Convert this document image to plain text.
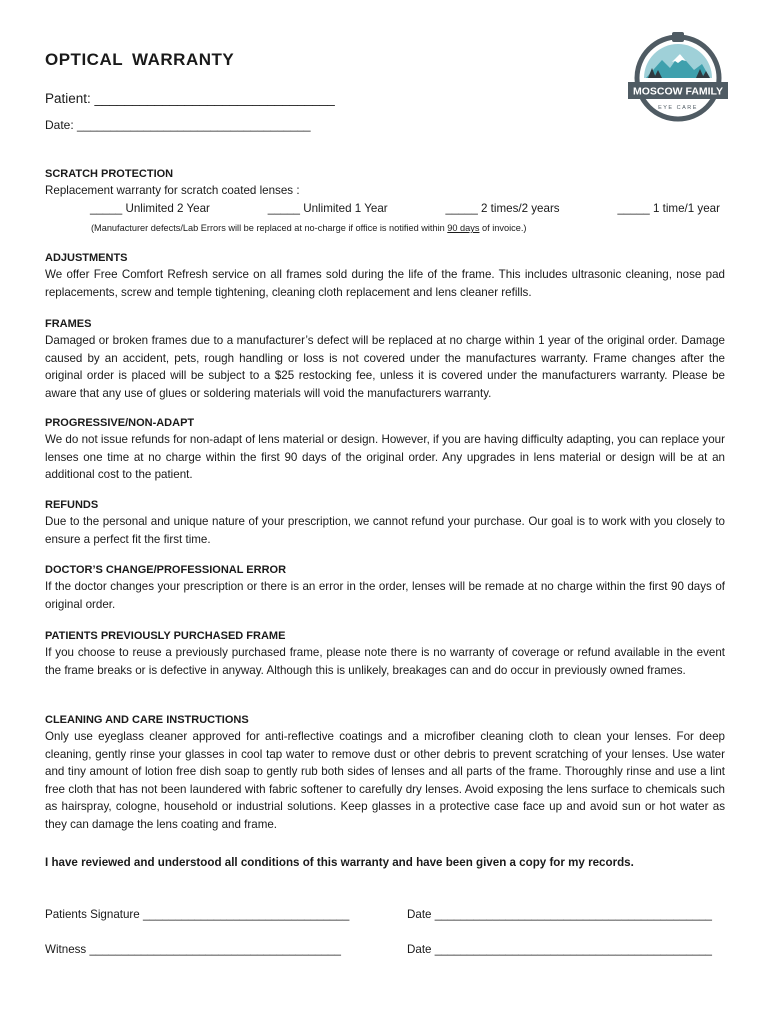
OPTICAL WARRANTY
Patient: ________________________________
Date: ___________________________________
MOSCOW FAMILY
EYE CARE
SCRATCH PROTECTION
Replacement warranty for scratch coated lenses :
_____ Unlimited 2 Year	_____ Unlimited 1 Year	_____ 2 times/2 years	_____ 1 time/1 year
(Manufacturer defects/Lab Errors will be replaced at no-charge if office is notified within 90 days of invoice.)
ADJUSTMENTS
We offer Free Comfort Refresh service on all frames sold during the life of the frame. This includes ultrasonic cleaning, nose pad replacements, screw and temple tightening, cleaning cloth replacement and lens cleaner refills.
FRAMES
Damaged or broken frames due to a manufacturer’s defect will be replaced at no charge within 1 year of the original order. Damage caused by an accident, pets, rough handling or loss is not covered under the manufactures warranty. Frame changes after the original order is placed will be subject to a $25 restocking fee, unless it is covered under the manufacturers warranty. Please be aware that any use of glues or soldering materials will void the manufacturers warranty.
PROGRESSIVE/NON-ADAPT
We do not issue refunds for non-adapt of lens material or design. However, if you are having difficulty adapting, you can replace your lenses one time at no charge within the first 90 days of the original order. Any upgrades in lens material or design will be at an additional cost to the patient.
REFUNDS
Due to the personal and unique nature of your prescription, we cannot refund your purchase. Our goal is to work with you closely to ensure a perfect fit the first time.
DOCTOR’S CHANGE/PROFESSIONAL ERROR
If the doctor changes your prescription or there is an error in the order, lenses will be remade at no charge within the first 90 days of original order.
PATIENTS PREVIOUSLY PURCHASED FRAME
If you choose to reuse a previously purchased frame, please note there is no warranty of coverage or refund available in the event the frame breaks or is defective in anyway. Although this is unlikely, breakages can and do occur in previously owned frames.
CLEANING AND CARE INSTRUCTIONS
Only use eyeglass cleaner approved for anti-reflective coatings and a microfiber cleaning cloth to clean your lenses. For deep cleaning, gently rinse your glasses in cool tap water to remove dust or other debris to prevent scratching of your lenses. Use water and tiny amount of lotion free dish soap to gently rub both sides of lenses and all parts of the frame. Thoroughly rinse and use a lint free cloth that has not been laundered with fabric softener to carefully dry lenses. Avoid exposing the lens surface to chemicals such as hairspray, cologne, household or industrial solutions. Keep glasses in a protective case face up and avoid sun or hot water as they can damage the lens coating and frame.
I have reviewed and understood all conditions of this warranty and have been given a copy for my records.
Patients Signature ________________________________	Date ___________________________________________
Witness _______________________________________	Date ___________________________________________
